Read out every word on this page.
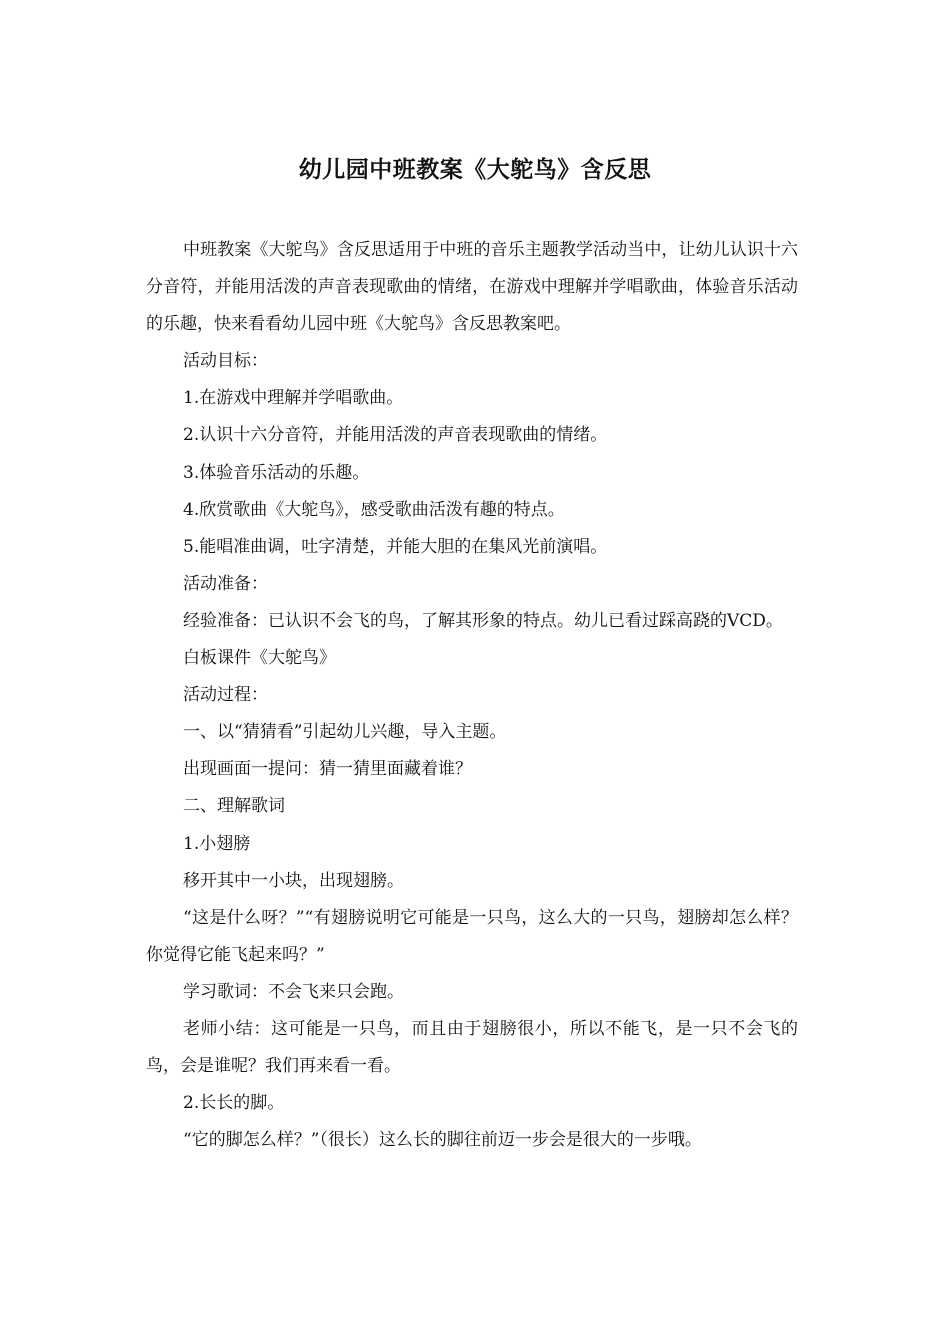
幼儿园中班教案《大鸵鸟》含反思

中班教案《大鸵鸟》含反思适用于中班的音乐主题教学活动当中，让幼儿认识十六分音符，并能用活泼的声音表现歌曲的情绪，在游戏中理解并学唱歌曲，体验音乐活动的乐趣，快来看看幼儿园中班《大鸵鸟》含反思教案吧。

活动目标：

1.在游戏中理解并学唱歌曲。

2.认识十六分音符，并能用活泼的声音表现歌曲的情绪。

3.体验音乐活动的乐趣。

4.欣赏歌曲《大鸵鸟》，感受歌曲活泼有趣的特点。

5.能唱准曲调，吐字清楚，并能大胆的在集风光前演唱。

活动准备：

经验准备：已认识不会飞的鸟，了解其形象的特点。幼儿已看过踩高跷的VCD。

白板课件《大鸵鸟》

活动过程：

一、以“猜猜看”引起幼儿兴趣，导入主题。

出现画面一提问：猜一猜里面藏着谁？

二、理解歌词

1.小翅膀

移开其中一小块，出现翅膀。

“这是什么呀？”“有翅膀说明它可能是一只鸟，这么大的一只鸟，翅膀却怎么样？你觉得它能飞起来吗？”

学习歌词：不会飞来只会跑。

老师小结：这可能是一只鸟，而且由于翅膀很小，所以不能飞，是一只不会飞的鸟，会是谁呢？我们再来看一看。

2.长长的脚。

“它的脚怎么样？”（很长）这么长的脚往前迈一步会是很大的一步哦。
